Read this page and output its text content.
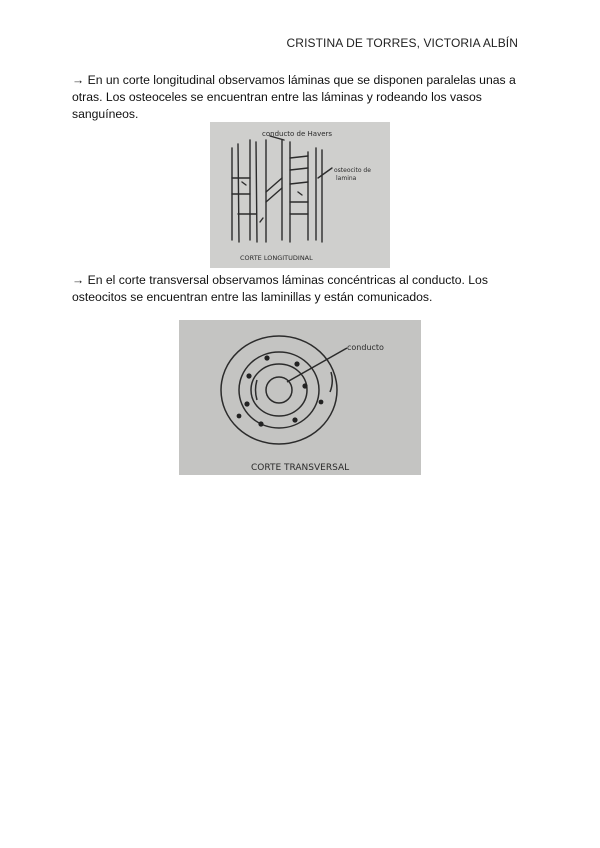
CRISTINA DE TORRES, VICTORIA ALBÍN
→ En un corte longitudinal observamos láminas que se disponen paralelas unas a otras. Los osteoceles se encuentran entre las láminas y rodeando los vasos sanguíneos.
conducto de Havers
osteocito de lamina
CORTE LONGITUDINAL
→ En el corte transversal observamos láminas concéntricas al conducto. Los osteocitos se encuentran entre las laminillas y están comunicados.
conducto
CORTE TRANSVERSAL
